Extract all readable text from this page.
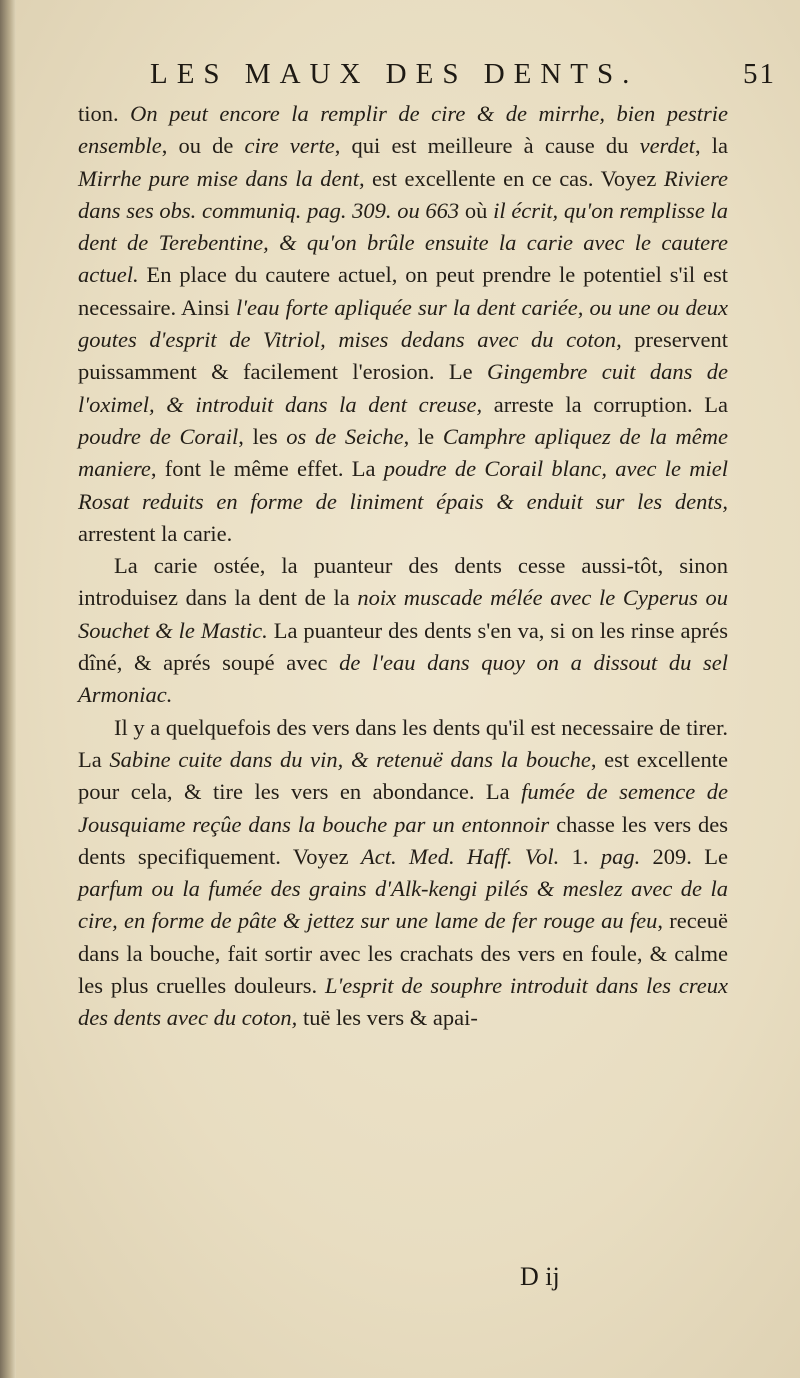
LES MAUX DES DENTS.	51

tion. On peut encore la remplir de cire & de mirrhe, bien pestrie ensemble, ou de cire verte, qui est meilleure à cause du verdet, la Mirrhe pure mise dans la dent, est excellente en ce cas. Voyez Riviere dans ses obs. communiq. pag. 309. ou 663 où il écrit, qu'on remplisse la dent de Terebentine, & qu'on brûle ensuite la carie avec le cautere actuel. En place du cautere actuel, on peut prendre le potentiel s'il est necessaire. Ainsi l'eau forte apliquée sur la dent cariée, ou une ou deux goutes d'esprit de Vitriol, mises dedans avec du coton, preservent puissamment & facilement l'erosion. Le Gingembre cuit dans de l'oximel, & introduit dans la dent creuse, arreste la corruption. La poudre de Corail, les os de Seiche, le Camphre apliquez de la même maniere, font le même effet. La poudre de Corail blanc, avec le miel Rosat reduits en forme de liniment épais & enduit sur les dents, arrestent la carie.

La carie ostée, la puanteur des dents cesse aussi-tôt, sinon introduisez dans la dent de la noix muscade mélée avec le Cyperus ou Souchet & le Mastic. La puanteur des dents s'en va, si on les rinse aprés dîné, & aprés soupé avec de l'eau dans quoy on a dissout du sel Armoniac.

Il y a quelquefois des vers dans les dents qu'il est necessaire de tirer. La Sabine cuite dans du vin, & retenuë dans la bouche, est excellente pour cela, & tire les vers en abondance. La fumée de semence de Jousquiame reçûe dans la bouche par un entonnoir chasse les vers des dents specifiquement. Voyez Act. Med. Haff. Vol. 1. pag. 209. Le parfum ou la fumée des grains d'Alk-kengi pilés & meslez avec de la cire, en forme de pâte & jettez sur une lame de fer rouge au feu, receuë dans la bouche, fait sortir avec les crachats des vers en foule, & calme les plus cruelles douleurs. L'esprit de souphre introduit dans les creux des dents avec du coton, tuë les vers & apai-

D ij
